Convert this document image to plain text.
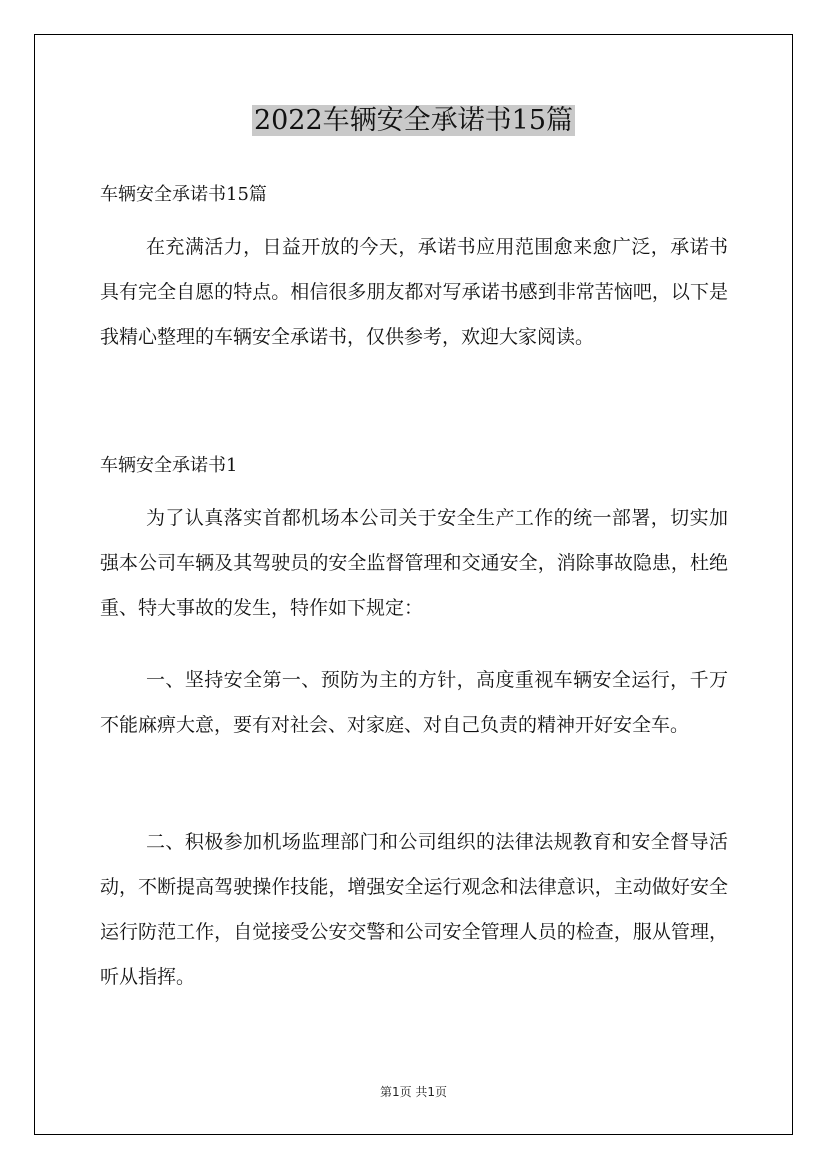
2022车辆安全承诺书15篇
车辆安全承诺书15篇

在充满活力，日益开放的今天，承诺书应用范围愈来愈广泛，承诺书具有完全自愿的特点。相信很多朋友都对写承诺书感到非常苦恼吧，以下是我精心整理的车辆安全承诺书，仅供参考，欢迎大家阅读。

车辆安全承诺书1

为了认真落实首都机场本公司关于安全生产工作的统一部署，切实加强本公司车辆及其驾驶员的安全监督管理和交通安全，消除事故隐患，杜绝重、特大事故的发生，特作如下规定：

一、坚持安全第一、预防为主的方针，高度重视车辆安全运行，千万不能麻痹大意，要有对社会、对家庭、对自己负责的精神开好安全车。

二、积极参加机场监理部门和公司组织的法律法规教育和安全督导活动，不断提高驾驶操作技能，增强安全运行观念和法律意识，主动做好安全运行防范工作，自觉接受公安交警和公司安全管理人员的检查，服从管理，听从指挥。

第1页 共1页
